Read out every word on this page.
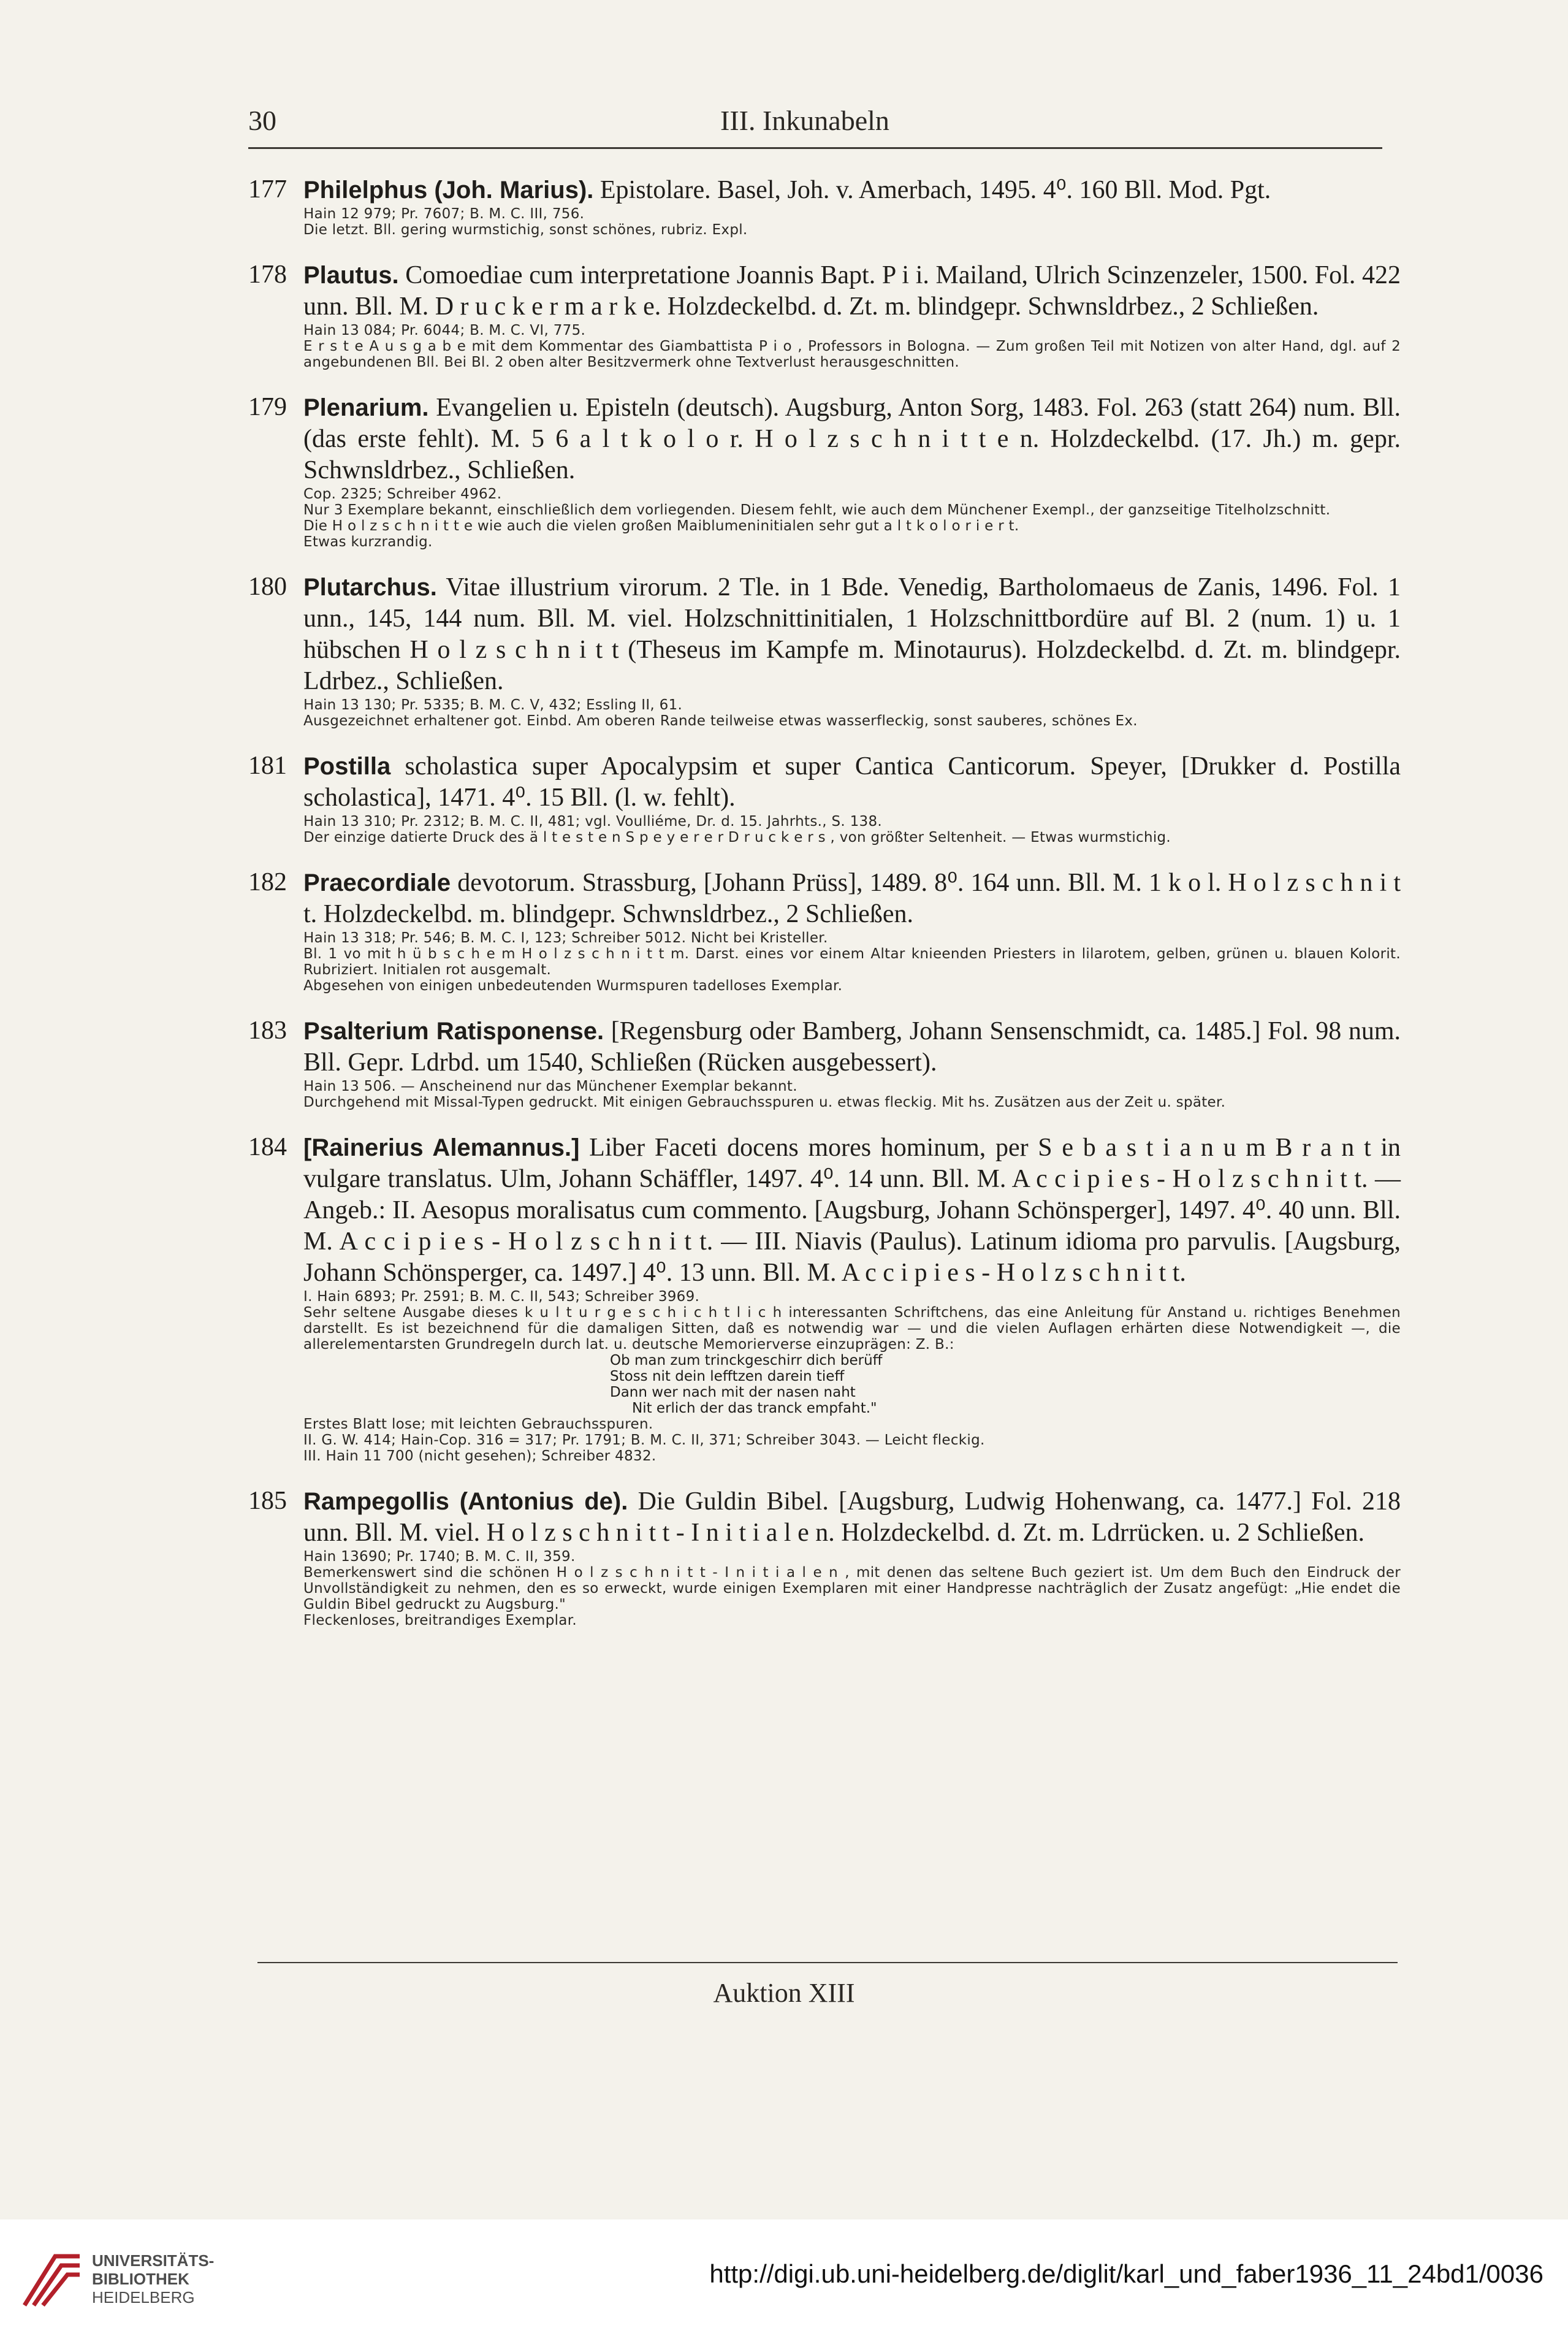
30	III. Inkunabeln
177 Philelphus (Joh. Marius). Epistolare. Basel, Joh. v. Amerbach, 1495. 4⁰. 160 Bll. Mod. Pgt.
Hain 12 979; Pr. 7607; B. M. C. III, 756.
Die letzt. Bll. gering wurmstichig, sonst schönes, rubriz. Expl.
178 Plautus. Comoediae cum interpretatione Joannis Bapt. P i i. Mailand, Ulrich Scinzenzeler, 1500. Fol. 422 unn. Bll. M. D r u c k e r m a r k e. Holzdeckelbd. d. Zt. m. blindgepr. Schwnsldrbez., 2 Schließen.
Hain 13 084; Pr. 6044; B. M. C. VI, 775.
E r s t e A u s g a b e mit dem Kommentar des Giambattista P i o , Professors in Bologna. — Zum großen Teil mit Notizen von alter Hand, dgl. auf 2 angebundenen Bll. Bei Bl. 2 oben alter Besitzvermerk ohne Textverlust herausgeschnitten.
179 Plenarium. Evangelien u. Episteln (deutsch). Augsburg, Anton Sorg, 1483. Fol. 263 (statt 264) num. Bll. (das erste fehlt). M. 5 6 a l t k o l o r. H o l z s c h n i t t e n. Holzdeckelbd. (17. Jh.) m. gepr. Schwnsldrbez., Schließen.
Cop. 2325; Schreiber 4962.
Nur 3 Exemplare bekannt, einschließlich dem vorliegenden. Diesem fehlt, wie auch dem Münchener Exempl., der ganzseitige Titelholzschnitt.
Die H o l z s c h n i t t e wie auch die vielen großen Maiblumeninitialen sehr gut a l t k o l o r i e r t.
Etwas kurzrandig.
180 Plutarchus. Vitae illustrium virorum. 2 Tle. in 1 Bde. Venedig, Bartholomaeus de Zanis, 1496. Fol. 1 unn., 145, 144 num. Bll. M. viel. Holzschnittinitialen, 1 Holzschnittbordüre auf Bl. 2 (num. 1) u. 1 hübschen H o l z s c h n i t t (Theseus im Kampfe m. Minotaurus). Holzdeckelbd. d. Zt. m. blindgepr. Ldrbez., Schließen.
Hain 13 130; Pr. 5335; B. M. C. V, 432; Essling II, 61.
Ausgezeichnet erhaltener got. Einbd. Am oberen Rande teilweise etwas wasserfleckig, sonst sauberes, schönes Ex.
181 Postilla scholastica super Apocalypsim et super Cantica Canticorum. Speyer, [Drukker d. Postilla scholastica], 1471. 4⁰. 15 Bll. (l. w. fehlt).
Hain 13 310; Pr. 2312; B. M. C. II, 481; vgl. Voulliéme, Dr. d. 15. Jahrhts., S. 138.
Der einzige datierte Druck des ä l t e s t e n S p e y e r e r D r u c k e r s , von größter Seltenheit. — Etwas wurmstichig.
182 Praecordiale devotorum. Strassburg, [Johann Prüss], 1489. 8⁰. 164 unn. Bll. M. 1 k o l. H o l z s c h n i t t. Holzdeckelbd. m. blindgepr. Schwnsldrbez., 2 Schließen.
Hain 13 318; Pr. 546; B. M. C. I, 123; Schreiber 5012. Nicht bei Kristeller.
Bl. 1 vo mit h ü b s c h e m H o l z s c h n i t t m. Darst. eines vor einem Altar knieenden Priesters in lilarotem, gelben, grünen u. blauen Kolorit. Rubriziert. Initialen rot ausgemalt.
Abgesehen von einigen unbedeutenden Wurmspuren tadelloses Exemplar.
183 Psalterium Ratisponense. [Regensburg oder Bamberg, Johann Sensenschmidt, ca. 1485.] Fol. 98 num. Bll. Gepr. Ldrbd. um 1540, Schließen (Rücken ausgebessert).
Hain 13 506. — Anscheinend nur das Münchener Exemplar bekannt.
Durchgehend mit Missal-Typen gedruckt. Mit einigen Gebrauchsspuren u. etwas fleckig. Mit hs. Zusätzen aus der Zeit u. später.
184 [Rainerius Alemannus.] Liber Faceti docens mores hominum, per S e b a s t i a n u m B r a n t in vulgare translatus. Ulm, Johann Schäffler, 1497. 4⁰. 14 unn. Bll. M. A c c i p i e s - H o l z s c h n i t t. — Angeb.: II. Aesopus moralisatus cum commento. [Augsburg, Johann Schönsperger], 1497. 4⁰. 40 unn. Bll. M. A c c i p i e s - H o l z s c h n i t t. — III. Niavis (Paulus). Latinum idioma pro parvulis. [Augsburg, Johann Schönsperger, ca. 1497.] 4⁰. 13 unn. Bll. M. A c c i p i e s - H o l z s c h n i t t.
I. Hain 6893; Pr. 2591; B. M. C. II, 543; Schreiber 3969.
Sehr seltene Ausgabe dieses k u l t u r g e s c h i c h t l i c h interessanten Schriftchens, das eine Anleitung für Anstand u. richtiges Benehmen darstellt. Es ist bezeichnend für die damaligen Sitten, daß es notwendig war — und die vielen Auflagen erhärten diese Notwendigkeit —, die allerelementarsten Grundregeln durch lat. u. deutsche Memorierverse einzuprägen: Z. B.:
Ob man zum trinckgeschirr dich berüff
Stoss nit dein lefftzen darein tieff
Dann wer nach mit der nasen naht
Nit erlich der das tranck empfaht."
Erstes Blatt lose; mit leichten Gebrauchsspuren.
II. G. W. 414; Hain-Cop. 316 = 317; Pr. 1791; B. M. C. II, 371; Schreiber 3043. — Leicht fleckig.
III. Hain 11 700 (nicht gesehen); Schreiber 4832.
185 Rampegollis (Antonius de). Die Guldin Bibel. [Augsburg, Ludwig Hohenwang, ca. 1477.] Fol. 218 unn. Bll. M. viel. H o l z s c h n i t t - I n i t i a l e n. Holzdeckelbd. d. Zt. m. Ldrrücken. u. 2 Schließen.
Hain 13690; Pr. 1740; B. M. C. II, 359.
Bemerkenswert sind die schönen H o l z s c h n i t t - I n i t i a l e n , mit denen das seltene Buch geziert ist. Um dem Buch den Eindruck der Unvollständigkeit zu nehmen, den es so erweckt, wurde einigen Exemplaren mit einer Handpresse nachträglich der Zusatz angefügt: „Hie endet die Guldin Bibel gedruckt zu Augsburg."
Fleckenloses, breitrandiges Exemplar.
Auktion XIII
UNIVERSITÄTS-
BIBLIOTHEK
HEIDELBERG
http://digi.ub.uni-heidelberg.de/diglit/karl_und_faber1936_11_24bd1/0036
